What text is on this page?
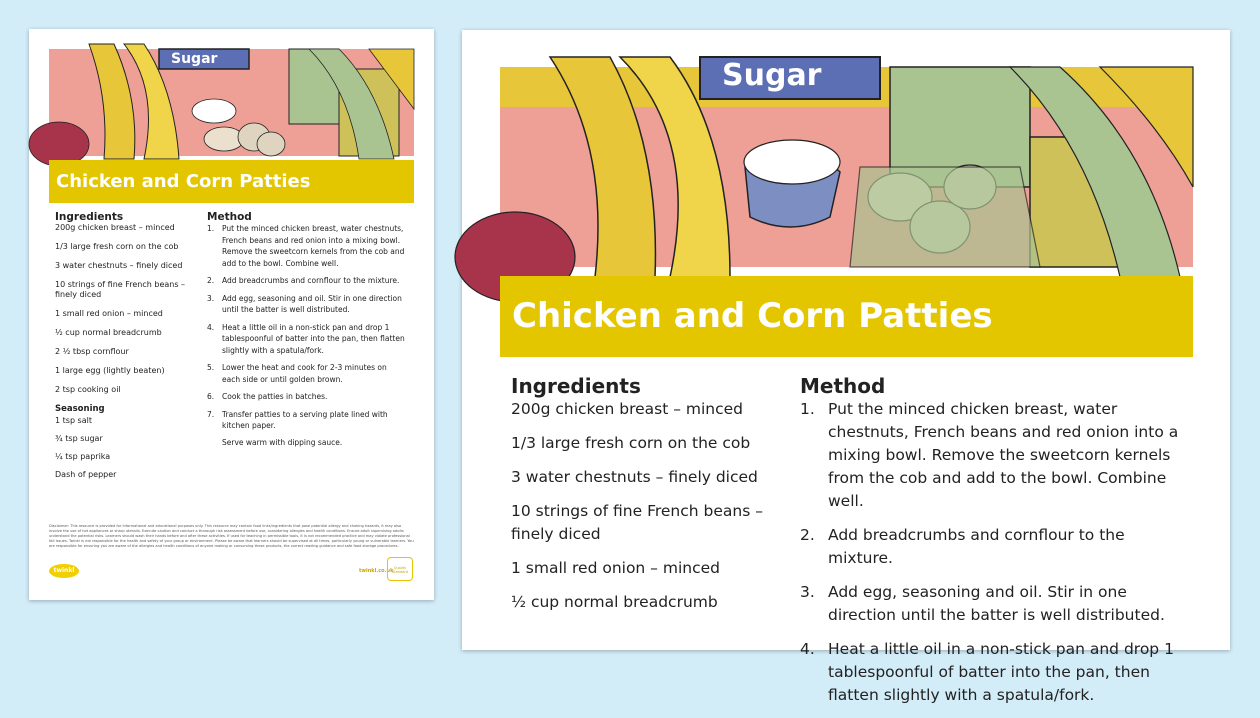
Sugar
Chicken and Corn Patties
Ingredients
200g chicken breast – minced
1/3 large fresh corn on the cob
3 water chestnuts – finely diced
10 strings of fine French beans – finely diced
1 small red onion – minced
½ cup normal breadcrumb
2 ½ tbsp cornflour
1 large egg (lightly beaten)
2 tsp cooking oil
Seasoning
1 tsp salt
¾ tsp sugar
¼ tsp paprika
Dash of pepper
Method
1.	Put the minced chicken breast, water chestnuts, French beans and red onion into a mixing bowl. Remove the sweetcorn kernels from the cob and add to the bowl. Combine well.
2.	Add breadcrumbs and cornflour to the mixture.
3.	Add egg, seasoning and oil. Stir in one direction until the batter is well distributed.
4.	Heat a little oil in a non-stick pan and drop 1 tablespoonful of batter into the pan, then flatten slightly with a spatula/fork.
5.	Lower the heat and cook for 2-3 minutes on each side or until golden brown.
6.	Cook the patties in batches.
7.	Transfer patties to a serving plate lined with kitchen paper.

Serve warm with dipping sauce.

Disclaimer: This resource is provided for informational and educational purposes only. This resource may contain food links/ingredients that pose potential allergy and choking hazards, it may also involve the use of hot appliances or sharp utensils. Execute caution and conduct a thorough risk assessment before use, considering allergies and health conditions. Ensure adult supervising adults understand the potential risks. Learners should wash their hands before and after these activities. If used for teaching in permissible tools, it is not recommended practice and may violate professional fall issues. Twinkl is not responsible for the health and safety of your group or environment. Please be aware that learners should be supervised at all times, particularly young or vulnerable learners. You are responsible for ensuring you are aware of the allergies and health conditions of anyone making or consuming these products, the correct reading guidance and safe food storage procedures.

twinkl	twinkl.co.uk Quality Standard
Sugar
Chicken and Corn Patties
Ingredients
200g chicken breast – minced
1/3 large fresh corn on the cob
3 water chestnuts – finely diced
10 strings of fine French beans – finely diced
1 small red onion – minced
½ cup normal breadcrumb
Method
1. Put the minced chicken breast, water chestnuts, French beans and red onion into a mixing bowl. Remove the sweetcorn kernels from the cob and add to the bowl. Combine well.
2. Add breadcrumbs and cornflour to the mixture.
3. Add egg, seasoning and oil. Stir in one direction until the batter is well distributed.
4. Heat a little oil in a non-stick pan and drop 1 tablespoonful of batter into the pan, then flatten slightly with a spatula/fork.
